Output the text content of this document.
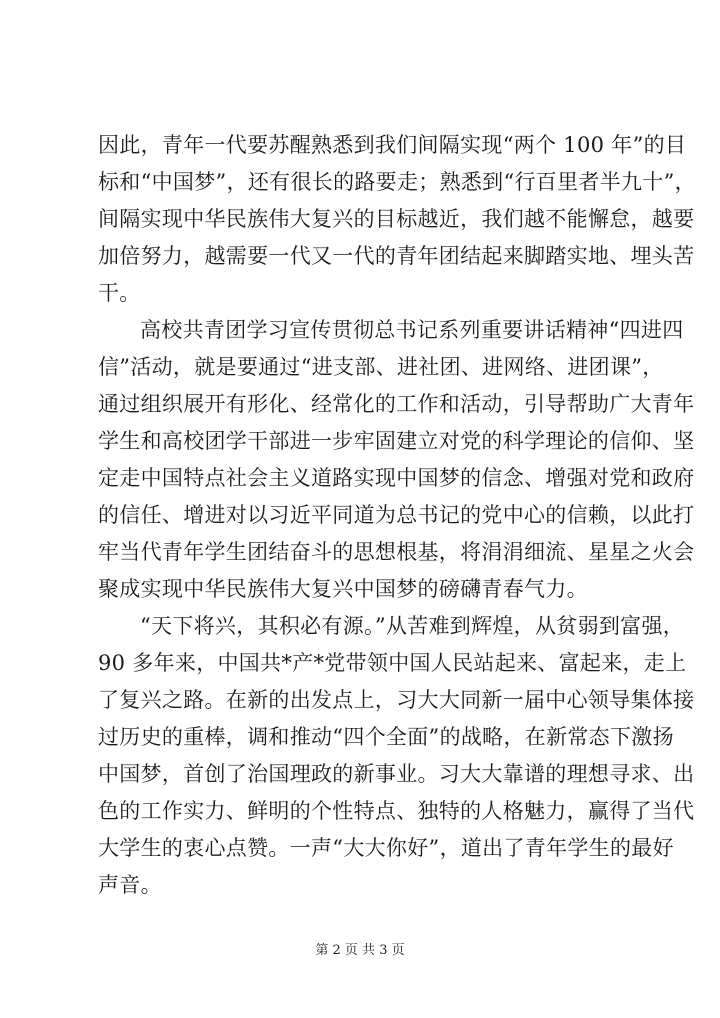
因此，青年一代要苏醒熟悉到我们间隔实现“两个 100 年”的目
标和“中国梦”，还有很长的路要走；熟悉到“行百里者半九十”，
间隔实现中华民族伟大复兴的目标越近，我们越不能懈怠，越要
加倍努力，越需要一代又一代的青年团结起来脚踏实地、埋头苦
干。
高校共青团学习宣传贯彻总书记系列重要讲话精神“四进四
信”活动，就是要通过“进支部、进社团、进网络、进团课”，
通过组织展开有形化、经常化的工作和活动，引导帮助广大青年
学生和高校团学干部进一步牢固建立对党的科学理论的信仰、坚
定走中国特点社会主义道路实现中国梦的信念、增强对党和政府
的信任、增进对以习近平同道为总书记的党中心的信赖，以此打
牢当代青年学生团结奋斗的思想根基，将涓涓细流、星星之火会
聚成实现中华民族伟大复兴中国梦的磅礴青春气力。
“天下将兴，其积必有源。”从苦难到辉煌，从贫弱到富强，
90 多年来，中国共*产*党带领中国人民站起来、富起来，走上
了复兴之路。在新的出发点上，习大大同新一届中心领导集体接
过历史的重棒，调和推动“四个全面”的战略，在新常态下激扬
中国梦，首创了治国理政的新事业。习大大靠谱的理想寻求、出
色的工作实力、鲜明的个性特点、独特的人格魅力，赢得了当代
大学生的衷心点赞。一声“大大你好”，道出了青年学生的最好
声音。
第 2 页 共 3 页
